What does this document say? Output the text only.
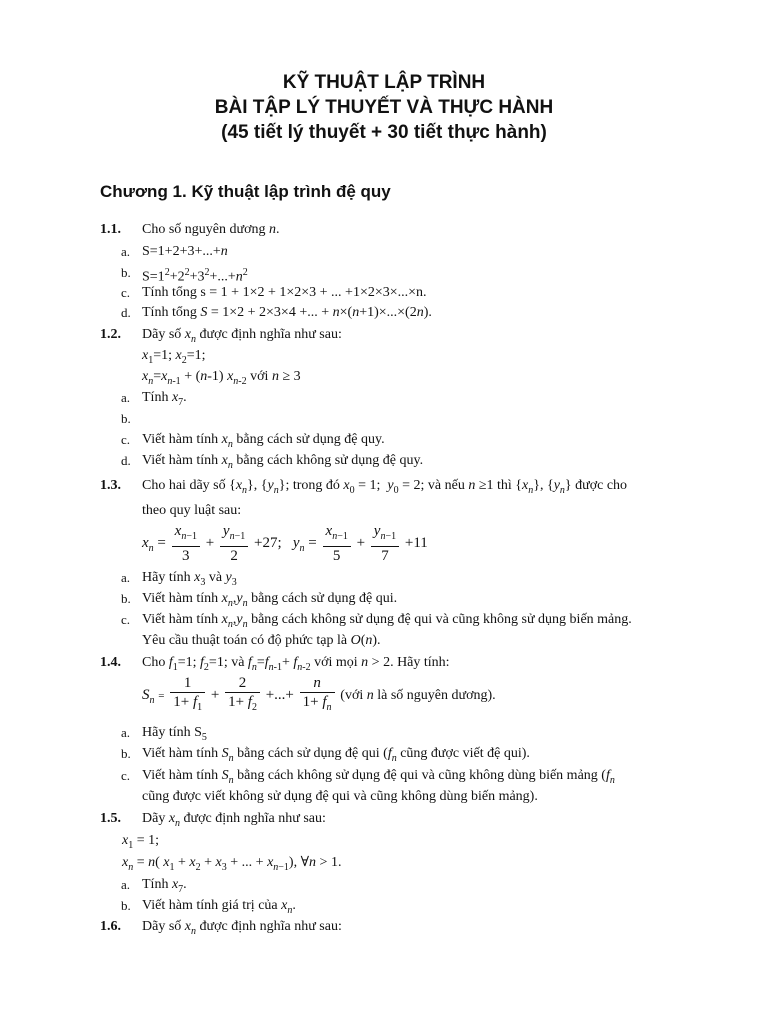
KỸ THUẬT LẬP TRÌNH
BÀI TẬP LÝ THUYẾT VÀ THỰC HÀNH
(45 tiết lý thuyết + 30 tiết thực hành)
Chương 1. Kỹ thuật lập trình đệ quy
1.1. Cho số nguyên dương n.
a. S=1+2+3+...+n
b. $S=1^2+2^2+3^2+...+n^2$
c. Tính tổng s = 1 + 1×2 + 1×2×3 + ... +1×2×3×...×n.
d. Tính tổng S = 1×2 + 2×3×4 +... + n×(n+1)×...×(2n).
1.2. Dãy số $x_n$ được định nghĩa như sau:
$x_1=1$; $x_2=1$;
$x_n=x_{n-1} + (n-1)$ $x_{n-2}$ với n ≥ 3
a. Tính $x_7$.
b.
c. Viết hàm tính $x_n$ bằng cách sử dụng đệ quy.
d. Viết hàm tính $x_n$ bằng cách không sử dụng đệ quy.
1.3. Cho hai dãy số $\{x_n\}$, $\{y_n\}$; trong đó $x_0 = 1$;  $y_0 = 2$; và nếu n ≥1 thì $\{x_n\}$, $\{y_n\}$ được cho
theo quy luật sau:
$x_n = \frac{x_{n-1}}{3} + \frac{y_{n-1}}{2} +27$;   $y_n = \frac{x_{n-1}}{5} + \frac{y_{n-1}}{7} +11$
a. Hãy tính $x_3$ và $y_3$
b. Viết hàm tính $x_n,y_n$ bằng cách sử dụng đệ qui.
c. Viết hàm tính $x_n,y_n$ bằng cách không sử dụng đệ qui và cũng không sử dụng biến mảng.
Yêu cầu thuật toán có độ phức tạp là O(n).
1.4. Cho $f_1=1$; $f_2=1$; và $f_n=f_{n-1}+ f_{n-2}$ với mọi n > 2. Hãy tính:
$S_n = \frac{1}{1+ f_1} + \frac{2}{1+ f_2}$ +...+ $\frac{n}{1+ f_n}$ (với n là số nguyên dương).
a. Hãy tính $S_5$
b. Viết hàm tính $S_n$ bằng cách sử dụng đệ qui ($f_n$ cũng được viết đệ qui).
c. Viết hàm tính $S_n$ bằng cách không sử dụng đệ qui và cũng không dùng biến mảng ($f_n$
cũng được viết không sử dụng đệ qui và cũng không dùng biến mảng).
1.5. Dãy $x_n$ được định nghĩa như sau:
$x_1 = 1$;
$x_n = n$( $x_1 + x_2 + x_3$ + ... + $x_{n-1}$), ∀n > 1.
a. Tính $x_7$.
b. Viết hàm tính giá trị của $x_n$.
1.6. Dãy số $x_n$ được định nghĩa như sau:
